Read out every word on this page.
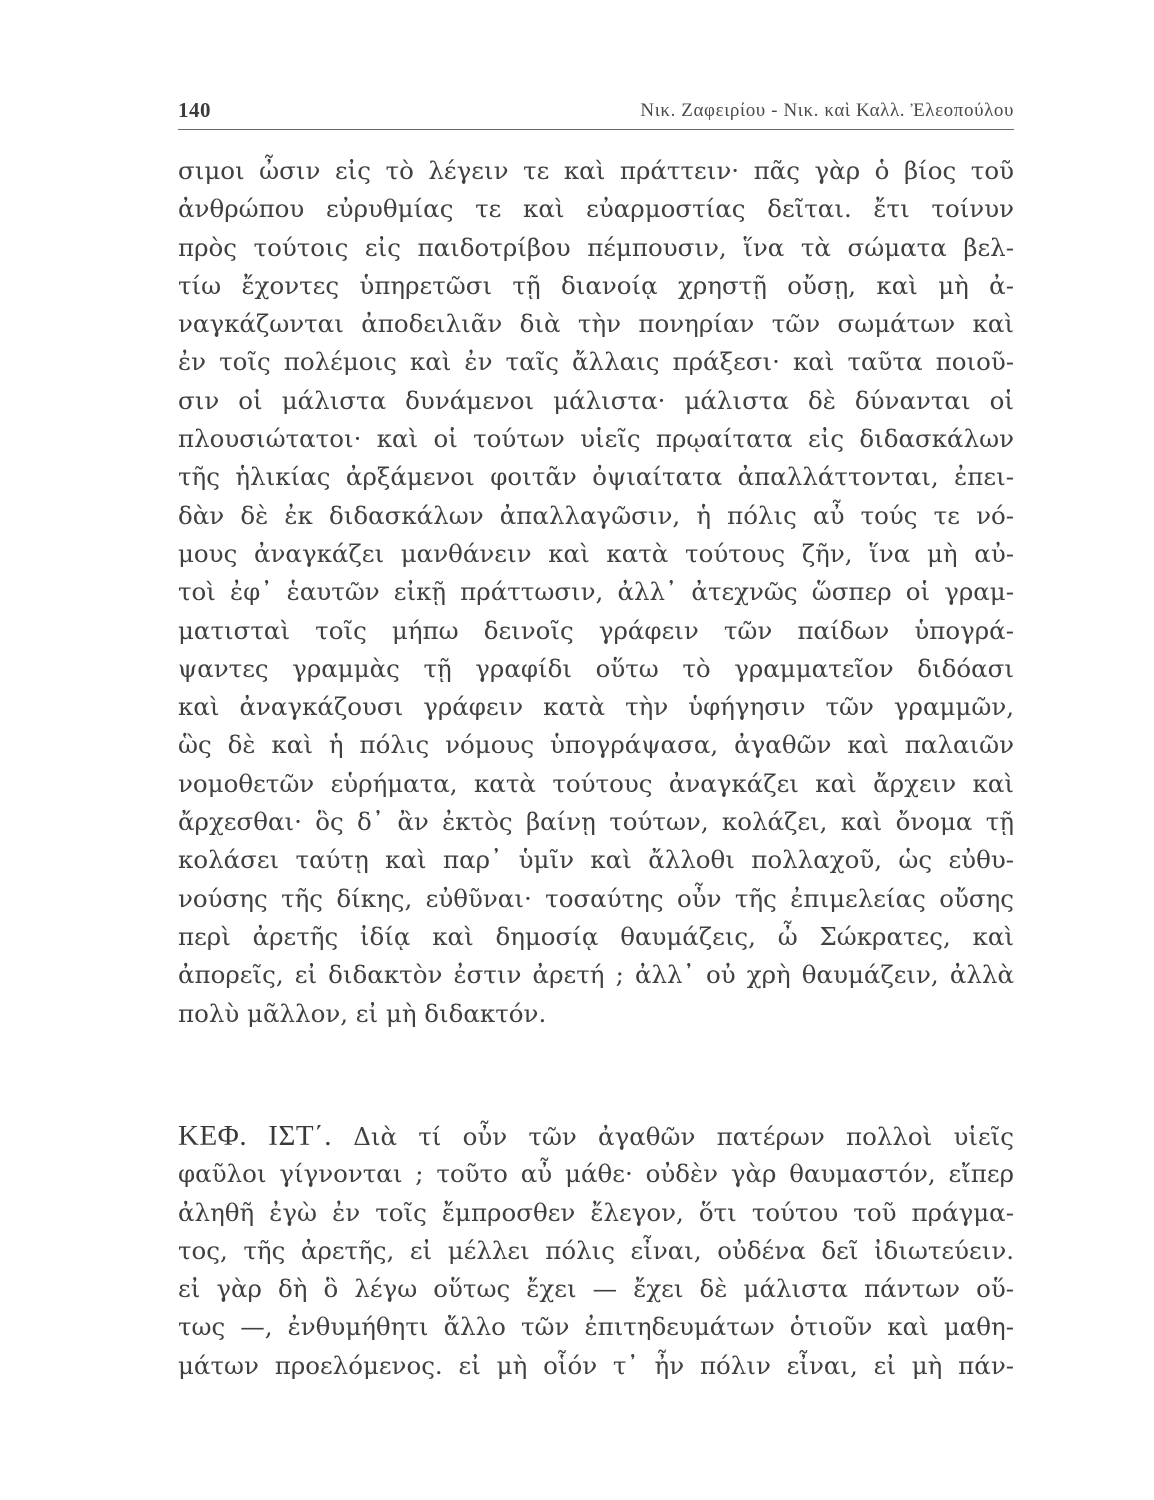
140	Νικ. Ζαφειρίου - Νικ. καὶ Καλλ. Ἐλεοπούλου
σιμοι ὦσιν εἰς τὸ λέγειν τε καὶ πράττειν· πᾶς γὰρ ὁ βίος τοῦ
ἀνθρώπου εὐρυθμίας τε καὶ εὐαρμοστίας δεῖται. ἔτι τοίνυν
πρὸς τούτοις εἰς παιδοτρίβου πέμπουσιν, ἵνα τὰ σώματα βελ-
τίω ἔχοντες ὑπηρετῶσι τῇ διανοίᾳ χρηστῇ οὔσῃ, καὶ μὴ ἀ-
ναγκάζωνται ἀποδειλιᾶν διὰ τὴν πονηρίαν τῶν σωμάτων καὶ
ἐν τοῖς πολέμοις καὶ ἐν ταῖς ἄλλαις πράξεσι· καὶ ταῦτα ποιοῦ-
σιν οἱ μάλιστα δυνάμενοι μάλιστα· μάλιστα δὲ δύνανται οἱ
πλουσιώτατοι· καὶ οἱ τούτων υἱεῖς πρῳαίτατα εἰς διδασκάλων
τῆς ἡλικίας ἀρξάμενοι φοιτᾶν ὀψιαίτατα ἀπαλλάττονται, ἐπει-
δὰν δὲ ἐκ διδασκάλων ἀπαλλαγῶσιν, ἡ πόλις αὖ τούς τε νό-
μους ἀναγκάζει μανθάνειν καὶ κατὰ τούτους ζῆν, ἵνα μὴ αὐ-
τοὶ ἐφ᾽ ἑαυτῶν εἰκῇ πράττωσιν, ἀλλ᾽ ἀτεχνῶς ὥσπερ οἱ γραμ-
ματισταὶ τοῖς μήπω δεινοῖς γράφειν τῶν παίδων ὑπογρά-
ψαντες γραμμὰς τῇ γραφίδι οὕτω τὸ γραμματεῖον διδόασι
καὶ ἀναγκάζουσι γράφειν κατὰ τὴν ὑφήγησιν τῶν γραμμῶν,
ὣς δὲ καὶ ἡ πόλις νόμους ὑπογράψασα, ἀγαθῶν καὶ παλαιῶν
νομοθετῶν εὑρήματα, κατὰ τούτους ἀναγκάζει καὶ ἄρχειν καὶ
ἄρχεσθαι· ὃς δ᾽ ἂν ἐκτὸς βαίνῃ τούτων, κολάζει, καὶ ὄνομα τῇ
κολάσει ταύτῃ καὶ παρ᾽ ὑμῖν καὶ ἄλλοθι πολλαχοῦ, ὡς εὐθυ-
νούσης τῆς δίκης, εὐθῦναι· τοσαύτης οὖν τῆς ἐπιμελείας οὔσης
περὶ ἀρετῆς ἰδίᾳ καὶ δημοσίᾳ θαυμάζεις, ὦ Σώκρατες, καὶ
ἀπορεῖς, εἰ διδακτὸν ἐστιν ἀρετή ; ἀλλ᾽ οὐ χρὴ θαυμάζειν, ἀλλὰ
πολὺ μᾶλλον, εἰ μὴ διδακτόν.
ΚΕΦ. ΙΣΤ΄. Διὰ τί οὖν τῶν ἀγαθῶν πατέρων πολλοὶ υἱεῖς
φαῦλοι γίγνονται ; τοῦτο αὖ μάθε· οὐδὲν γὰρ θαυμαστόν, εἴπερ
ἀληθῆ ἐγὼ ἐν τοῖς ἔμπροσθεν ἔλεγον, ὅτι τούτου τοῦ πράγμα-
τος, τῆς ἀρετῆς, εἰ μέλλει πόλις εἶναι, οὐδένα δεῖ ἰδιωτεύειν.
εἰ γὰρ δὴ ὃ λέγω οὕτως ἔχει — ἔχει δὲ μάλιστα πάντων οὕ-
τως —, ἐνθυμήθητι ἄλλο τῶν ἐπιτηδευμάτων ὁτιοῦν καὶ μαθη-
μάτων προελόμενος. εἰ μὴ οἷόν τ᾽ ἦν πόλιν εἶναι, εἰ μὴ πάν-
